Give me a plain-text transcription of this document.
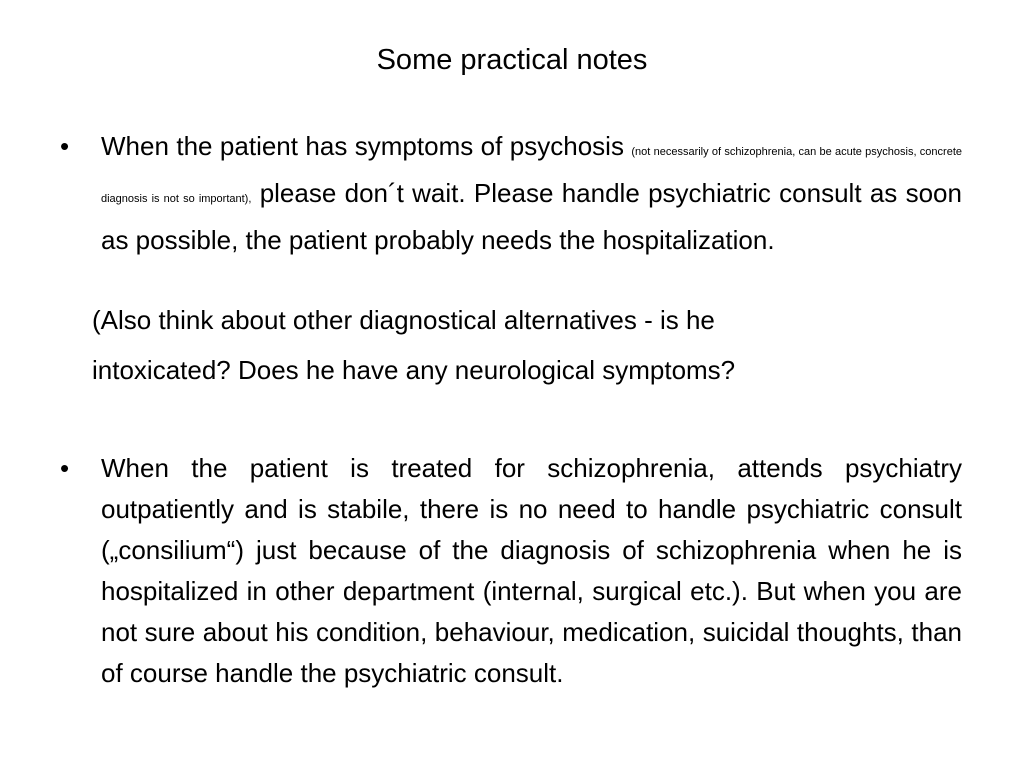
Some practical notes
• When the patient has symptoms of psychosis (not necessarily of schizophrenia, can be acute psychosis, concrete diagnosis is not so important), please don´t wait. Please handle psychiatric consult as soon as possible, the patient probably needs the hospitalization.
(Also think about other diagnostical alternatives - is he
intoxicated? Does he have any neurological symptoms?
• When the patient is treated for schizophrenia, attends psychiatry outpatiently and is stabile, there is no need to handle psychiatric consult („consilium“) just because of the diagnosis of schizophrenia when he is hospitalized in other department (internal, surgical etc.). But when you are not sure about his condition, behaviour, medication, suicidal thoughts, than of course handle the psychiatric consult.
